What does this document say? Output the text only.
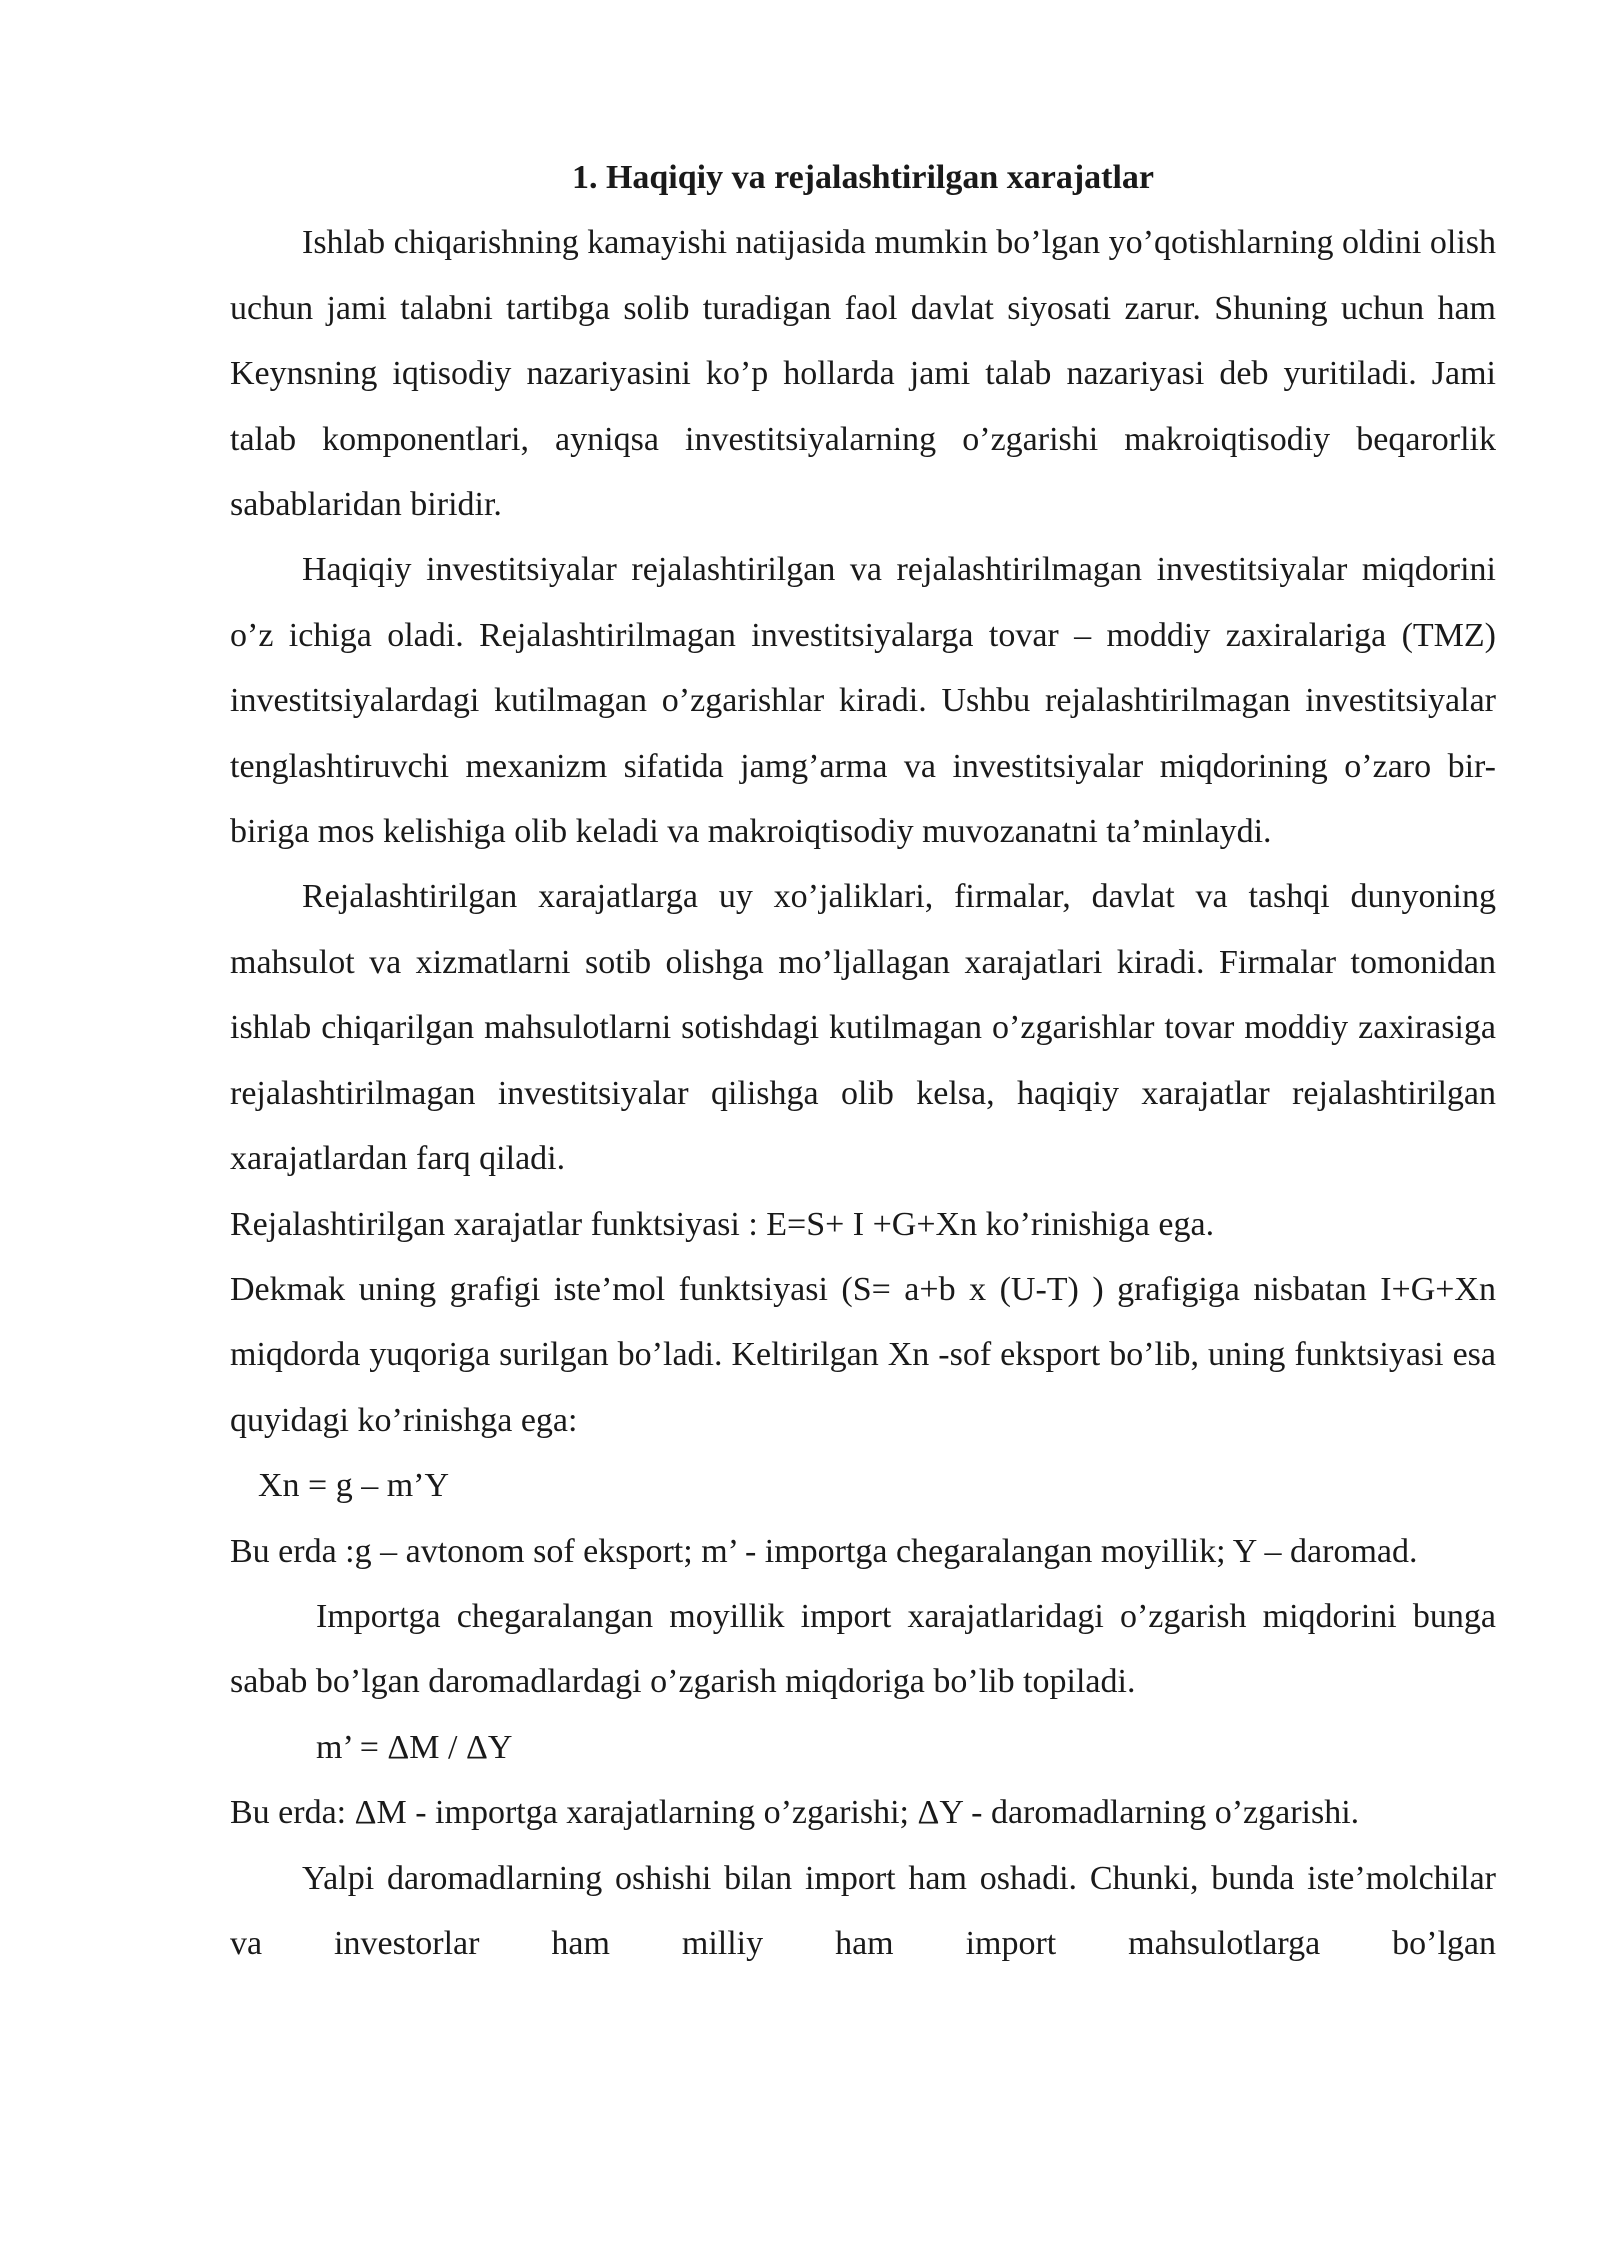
1. Haqiqiy va rejalashtirilgan xarajatlar

Ishlab chiqarishning kamayishi natijasida mumkin bo’lgan yo’qotishlarning oldini olish uchun jami talabni tartibga solib turadigan faol davlat siyosati zarur. Shuning uchun ham Keynsning iqtisodiy nazariyasini ko’p hollarda jami talab nazariyasi deb yuritiladi. Jami talab komponentlari, ayniqsa investitsiyalarning o’zgarishi makroiqtisodiy beqarorlik sabablaridan biridir.

Haqiqiy investitsiyalar rejalashtirilgan va rejalashtirilmagan investitsiyalar miqdorini o’z ichiga oladi. Rejalashtirilmagan investitsiyalarga tovar – moddiy zaxiralariga (TMZ) investitsiyalardagi kutilmagan o’zgarishlar kiradi. Ushbu rejalashtirilmagan investitsiyalar tenglashtiruvchi mexanizm sifatida jamg’arma va investitsiyalar miqdorining o’zaro bir-biriga mos kelishiga olib keladi va makroiqtisodiy muvozanatni ta’minlaydi.

Rejalashtirilgan xarajatlarga uy xo’jaliklari, firmalar, davlat va tashqi dunyoning mahsulot va xizmatlarni sotib olishga mo’ljallagan xarajatlari kiradi. Firmalar tomonidan ishlab chiqarilgan mahsulotlarni sotishdagi kutilmagan o’zgarishlar tovar moddiy zaxirasiga rejalashtirilmagan investitsiyalar qilishga olib kelsa, haqiqiy xarajatlar rejalashtirilgan xarajatlardan farq qiladi.

Rejalashtirilgan xarajatlar funktsiyasi : E=S+ I +G+Xn ko’rinishiga ega.

Dekmak uning grafigi iste’mol funktsiyasi (S= a+b x (U-T) ) grafigiga nisbatan I+G+Xn miqdorda yuqoriga surilgan bo’ladi. Keltirilgan Xn -sof eksport bo’lib, uning funktsiyasi esa quyidagi ko’rinishga ega:

Xn = g – m’Y

Bu erda :g – avtonom sof eksport; m’ - importga chegaralangan moyillik; Y – daromad.

Importga chegaralangan moyillik import xarajatlaridagi o’zgarish miqdorini bunga sabab bo’lgan daromadlardagi o’zgarish miqdoriga bo’lib topiladi.

m’ = ΔM / ΔY

Bu erda: ΔM - importga xarajatlarning o’zgarishi; ΔY - daromadlarning o’zgarishi.

Yalpi daromadlarning oshishi bilan import ham oshadi. Chunki, bunda iste’molchilar va investorlar ham milliy ham import mahsulotlarga bo’lgan
